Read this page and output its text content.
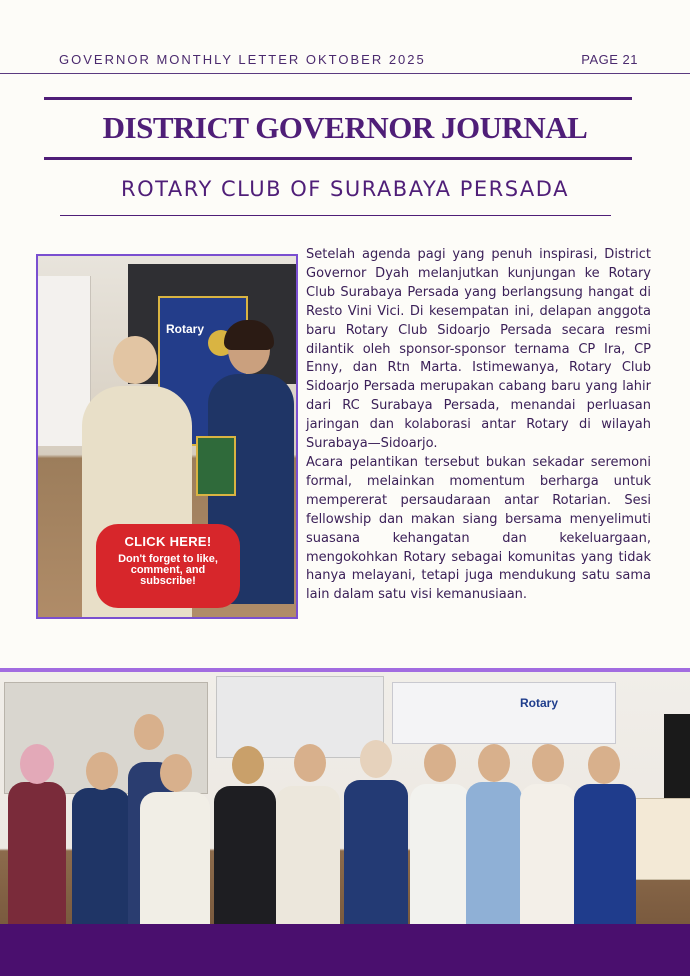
GOVERNOR MONTHLY LETTER OKTOBER 2025	PAGE 21
DISTRICT GOVERNOR JOURNAL
ROTARY CLUB OF SURABAYA PERSADA
Rotary
CLICK HERE!
Don't forget to like, comment, and subscribe!

Setelah agenda pagi yang penuh inspirasi, District Governor Dyah melanjutkan kunjungan ke Rotary Club Surabaya Persada yang berlangsung hangat di Resto Vini Vici. Di kesempatan ini, delapan anggota baru Rotary Club Sidoarjo Persada secara resmi dilantik oleh sponsor-sponsor ternama CP Ira, CP Enny, dan Rtn Marta. Istimewanya, Rotary Club Sidoarjo Persada merupakan cabang baru yang lahir dari RC Surabaya Persada, menandai perluasan jaringan dan kolaborasi antar Rotary di wilayah Surabaya—Sidoarjo.

Acara pelantikan tersebut bukan sekadar seremoni formal, melainkan momentum berharga untuk mempererat persaudaraan antar Rotarian. Sesi fellowship dan makan siang bersama menyelimuti suasana kehangatan dan kekeluargaan, mengokohkan Rotary sebagai komunitas yang tidak hanya melayani, tetapi juga mendukung satu sama lain dalam satu visi kemanusiaan.

Rotary
